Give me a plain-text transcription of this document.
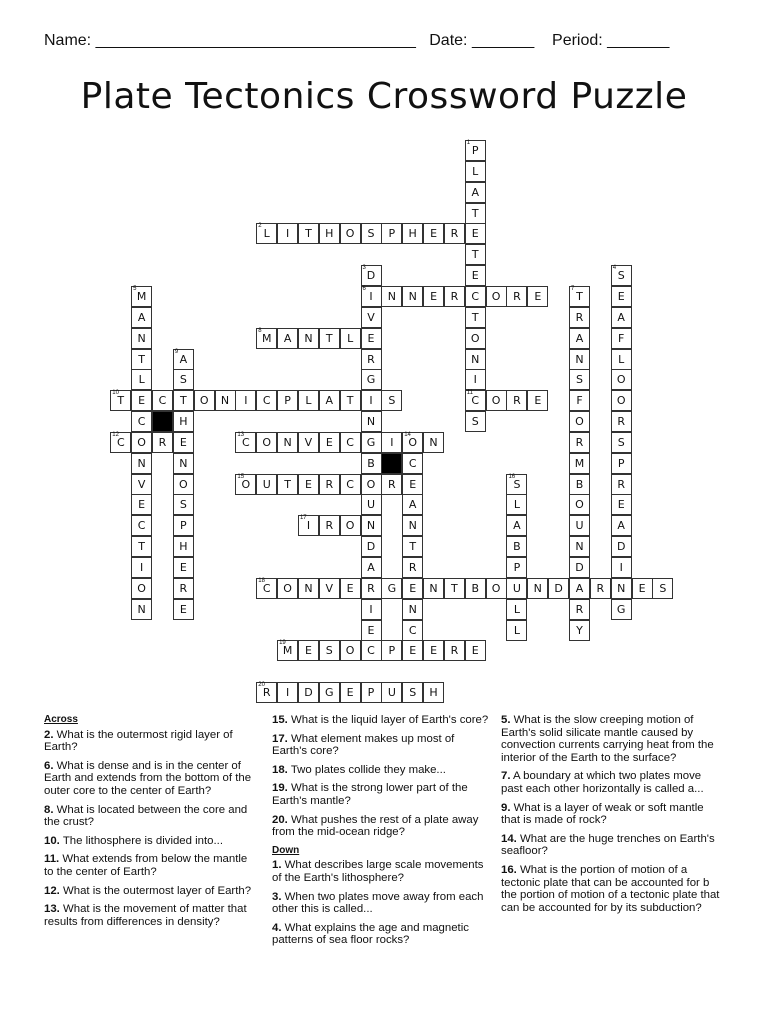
Name: ____________________________________   Date: _______    Period: _______
Plate Tectonics Crossword Puzzle
1
P
L
A
T
E
T
E
C
T
O
N
I
11
C
S
2
L	I	T	H	O	S	P	H	E	R
3
D
6
I
V
E
R
G
I
N
G
B
O
U
N
D
A
R
I
E
C
4
S
E
A
F
L
O
O
R
S
P
R
E
A
D
I
N
G
5
M
A
N
T
L
E
C
O
N
V
E
C
T
I
O
N
N	N	E	R	O	R	E
7
T
R
A
N
S
F
O
R
M
B
O
U
N
D
A
R
Y
8
M	A	N	T	L
9
A
S
T
H
E
N
O
S
P
H
E
R
E
10
T	C	O	N	I	C	P	L	A	T	S	O	R	E
12
C	R
13
C	O	N	V	E	C	I
14
O	N
C
E
A
N
T
R
E
N
C
E
15
O	U	T	E	R	C	R
16
S
L
A
B
P
U
L
L
17
I	R	O
18
C	O	N	V	E	G	N	T	B	O	N	D	R	E	S
19
M	E	S	O	P	E	R	E
20
R	I	D	G	E	P	U	S	H
Across

2. What is the outermost rigid layer of Earth?

6. What is dense and is in the center of Earth and extends from the bottom of the outer core to the center of Earth?

8. What is located between the core and the crust?

10. The lithosphere is divided into...

11. What extends from below the mantle to the center of Earth?

12. What is the outermost layer of Earth?

13. What is the movement of matter that results from differences in density?

15. What is the liquid layer of Earth's core?

17. What element makes up most of Earth's core?

18. Two plates collide they make...

19. What is the strong lower part of the Earth's mantle?

20. What pushes the rest of a plate away from the mid-ocean ridge?

Down

1. What describes large scale movements of the Earth's lithosphere?

3. When two plates move away from each other this is called...

4. What explains the age and magnetic patterns of sea floor rocks?

5. What is the slow creeping motion of Earth's solid silicate mantle caused by convection currents carrying heat from the interior of the Earth to the surface?

7. A boundary at which two plates move past each other horizontally is called a...

9. What is a layer of weak or soft mantle that is made of rock?

14. What are the huge trenches on Earth's seafloor?

16. What is the portion of motion of a tectonic plate that can be accounted for b the portion of motion of a tectonic plate that can be accounted for by its subduction?
